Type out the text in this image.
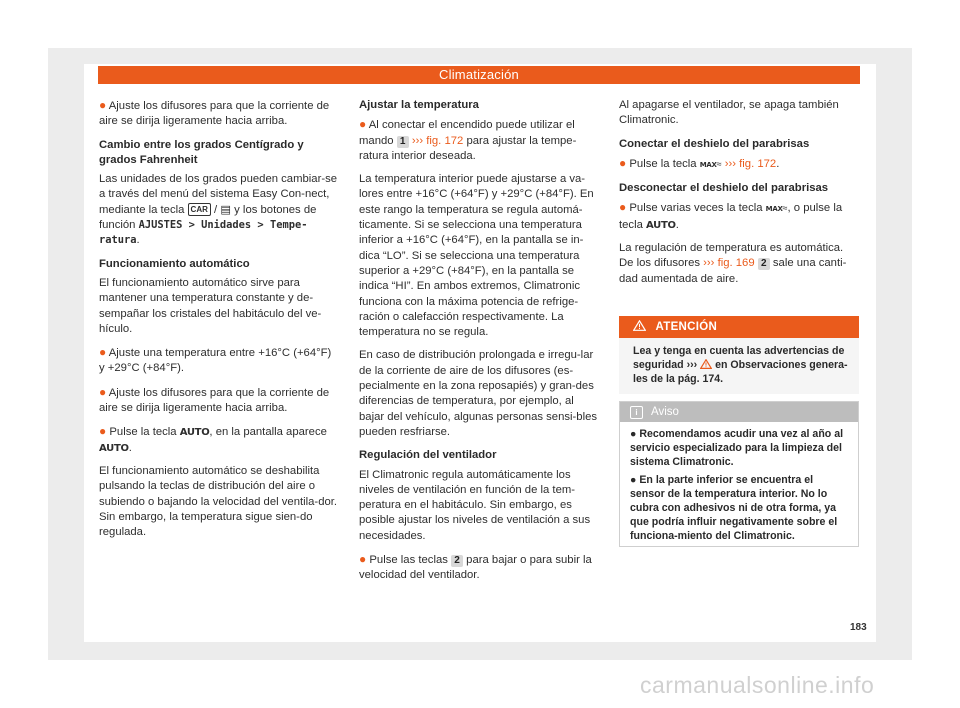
Climatización

● Ajuste los difusores para que la corriente de aire se dirija ligeramente hacia arriba.

Cambio entre los grados Centígrado y grados Fahrenheit

Las unidades de los grados pueden cambiar-se a través del menú del sistema Easy Con-nect, mediante la tecla CAR / ▤ y los botones de función AJUSTES > Unidades > Tempe-ratura.

Funcionamiento automático

El funcionamiento automático sirve para mantener una temperatura constante y de-sempañar los cristales del habitáculo del ve-hículo.

● Ajuste una temperatura entre +16°C (+64°F) y +29°C (+84°F).

● Ajuste los difusores para que la corriente de aire se dirija ligeramente hacia arriba.

● Pulse la tecla AUTO, en la pantalla aparece AUTO.

El funcionamiento automático se deshabilita pulsando la teclas de distribución del aire o subiendo o bajando la velocidad del ventila-dor. Sin embargo, la temperatura sigue sien-do regulada.

Ajustar la temperatura

● Al conectar el encendido puede utilizar el mando 1 ››› fig. 172 para ajustar la tempe-ratura interior deseada.

La temperatura interior puede ajustarse a va-lores entre +16°C (+64°F) y +29°C (+84°F). En este rango la temperatura se regula automá-ticamente. Si se selecciona una temperatura inferior a +16°C (+64°F), en la pantalla se in-dica “LO”. Si se selecciona una temperatura superior a +29°C (+84°F), en la pantalla se indica “HI”. En ambos extremos, Climatronic funciona con la máxima potencia de refrige-ración o calefacción respectivamente. La temperatura no se regula.

En caso de distribución prolongada e irregu-lar de la corriente de aire de los difusores (es-pecialmente en la zona reposapiés) y gran-des diferencias de temperatura, por ejemplo, al bajar del vehículo, algunas personas sensi-bles pueden resfriarse.

Regulación del ventilador

El Climatronic regula automáticamente los niveles de ventilación en función de la tem-peratura en el habitáculo. Sin embargo, es posible ajustar los niveles de ventilación a sus necesidades.

● Pulse las teclas 2 para bajar o para subir la velocidad del ventilador.

Al apagarse el ventilador, se apaga también Climatronic.

Conectar el deshielo del parabrisas

● Pulse la tecla MAX≈ ››› fig. 172.

Desconectar el deshielo del parabrisas

● Pulse varias veces la tecla MAX≈, o pulse la tecla AUTO.

La regulación de temperatura es automática. De los difusores ››› fig. 169 2 sale una canti-dad aumentada de aire.

ATENCIÓN
Lea y tenga en cuenta las advertencias de seguridad ››› en Observaciones genera-les de la pág. 174.
i Aviso
● Recomendamos acudir una vez al año al servicio especializado para la limpieza del sistema Climatronic.
● En la parte inferior se encuentra el sensor de la temperatura interior. No lo cubra con adhesivos ni de otra forma, ya que podría influir negativamente sobre el funciona-miento del Climatronic.
183
carmanualsonline.info
